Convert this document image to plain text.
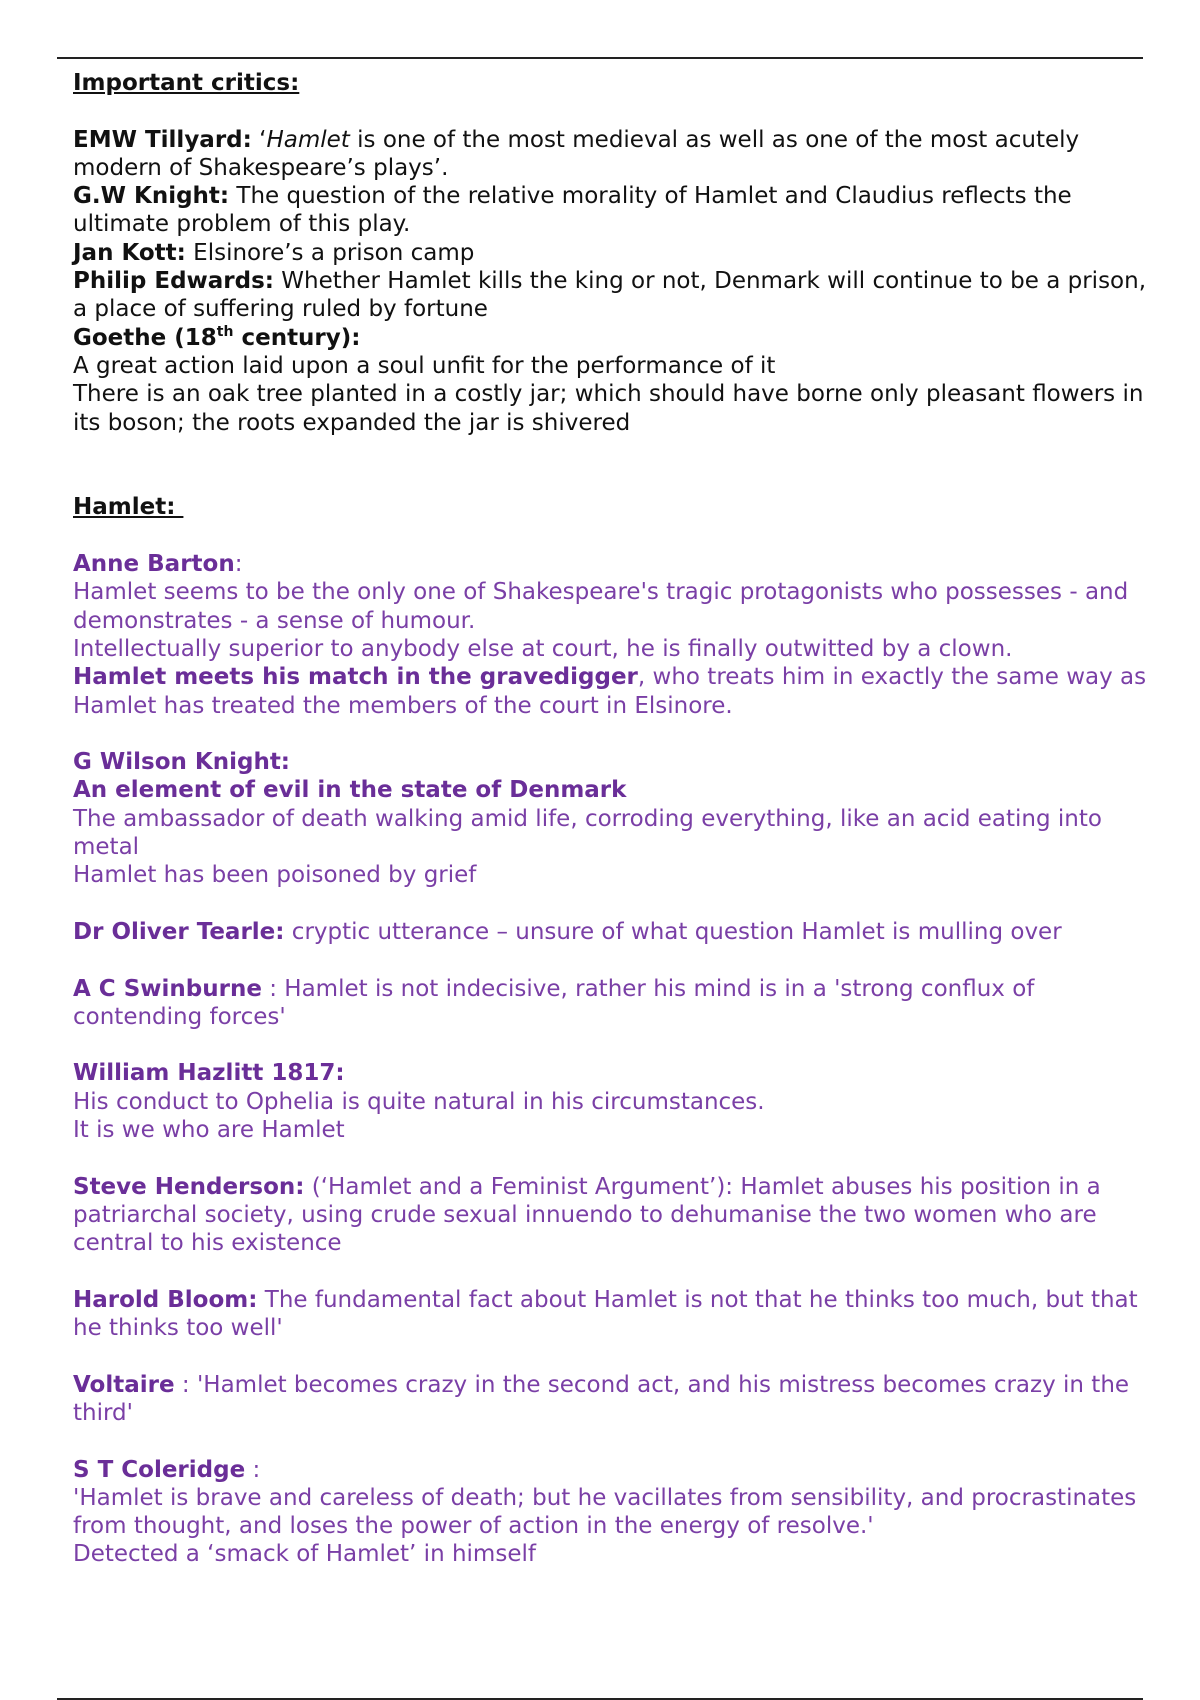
Important critics:

EMW Tillyard: ‘Hamlet is one of the most medieval as well as one of the most acutely modern of Shakespeare’s plays’.

G.W Knight: The question of the relative morality of Hamlet and Claudius reflects the ultimate problem of this play.

Jan Kott: Elsinore’s a prison camp

Philip Edwards: Whether Hamlet kills the king or not, Denmark will continue to be a prison, a place of suffering ruled by fortune

Goethe (18th century):

A great action laid upon a soul unfit for the performance of it

There is an oak tree planted in a costly jar; which should have borne only pleasant flowers in its boson; the roots expanded the jar is shivered

Hamlet:

Anne Barton:

Hamlet seems to be the only one of Shakespeare's tragic protagonists who possesses - and demonstrates - a sense of humour.

Intellectually superior to anybody else at court, he is finally outwitted by a clown.

Hamlet meets his match in the gravedigger, who treats him in exactly the same way as Hamlet has treated the members of the court in Elsinore.

G Wilson Knight:

An element of evil in the state of Denmark

The ambassador of death walking amid life, corroding everything, like an acid eating into metal

Hamlet has been poisoned by grief

Dr Oliver Tearle: cryptic utterance – unsure of what question Hamlet is mulling over

A C Swinburne : Hamlet is not indecisive, rather his mind is in a 'strong conflux of contending forces'

William Hazlitt 1817:

His conduct to Ophelia is quite natural in his circumstances.

It is we who are Hamlet

Steve Henderson: (‘Hamlet and a Feminist Argument’): Hamlet abuses his position in a patriarchal society, using crude sexual innuendo to dehumanise the two women who are central to his existence

Harold Bloom: The fundamental fact about Hamlet is not that he thinks too much, but that he thinks too well'

Voltaire : 'Hamlet becomes crazy in the second act, and his mistress becomes crazy in the third'

S T Coleridge :

'Hamlet is brave and careless of death; but he vacillates from sensibility, and procrastinates from thought, and loses the power of action in the energy of resolve.'

Detected a ‘smack of Hamlet’ in himself
